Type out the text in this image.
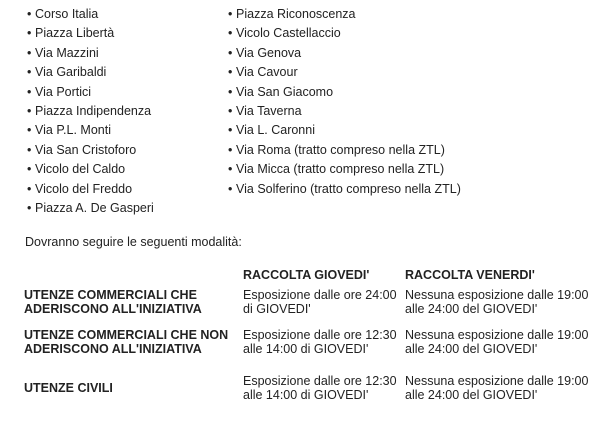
• Corso Italia
• Piazza Libertà
• Via Mazzini
• Via Garibaldi
• Via Portici
• Piazza Indipendenza
• Via P.L. Monti
• Via San Cristoforo
• Vicolo del Caldo
• Vicolo del Freddo
• Piazza A. De Gasperi
• Piazza Riconoscenza
• Vicolo Castellaccio
• Via Genova
• Via Cavour
• Via San Giacomo
• Via Taverna
• Via L. Caronni
• Via Roma (tratto compreso nella ZTL)
• Via Micca (tratto compreso nella ZTL)
• Via Solferino (tratto compreso nella ZTL)
Dovranno seguire le seguenti modalità:
	RACCOLTA GIOVEDI'	RACCOLTA VENERDI'
UTENZE COMMERCIALI CHE ADERISCONO ALL'INIZIATIVA	Esposizione dalle ore 24:00 di GIOVEDI'	Nessuna esposizione dalle 19:00 alle 24:00 del GIOVEDI'
UTENZE COMMERCIALI CHE NON ADERISCONO ALL'INIZIATIVA	Esposizione dalle ore 12:30 alle 14:00 di GIOVEDI'	Nessuna esposizione dalle 19:00 alle 24:00 del GIOVEDI'
UTENZE CIVILI	Esposizione dalle ore 12:30 alle 14:00 di GIOVEDI'	Nessuna esposizione dalle 19:00 alle 24:00 del GIOVEDI'
